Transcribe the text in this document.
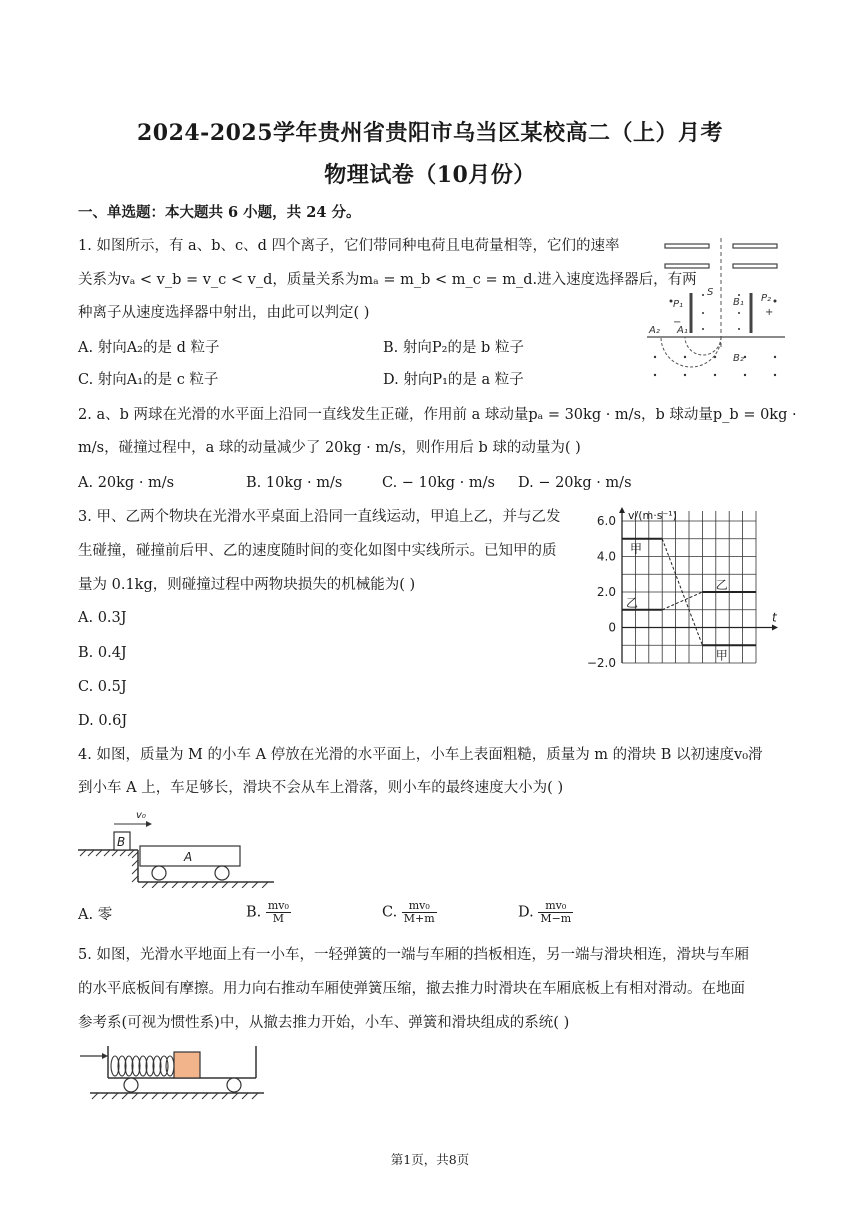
2024-2025学年贵州省贵阳市乌当区某校高二（上）月考
物理试卷（10月份）
一、单选题：本大题共 6 小题，共 24 分。
1. 如图所示，有 a、b、c、d 四个离子，它们带同种电荷且电荷量相等，它们的速率
关系为vₐ < v_b = v_c < v_d，质量关系为mₐ = m_b < m_c = m_d.进入速度选择器后，有两
种离子从速度选择器中射出，由此可以判定( )
A. 射向A₂的是 d 粒子	B. 射向P₂的是 b 粒子
C. 射向A₁的是 c 粒子	D. 射向P₁的是 a 粒子
S
−
+
P₁
P₂
B₁
A₂ A₁
B₂
2. a、b 两球在光滑的水平面上沿同一直线发生正碰，作用前 a 球动量pₐ = 30kg · m/s，b 球动量p_b = 0kg ·
m/s，碰撞过程中，a 球的动量减少了 20kg · m/s，则作用后 b 球的动量为( )
A. 20kg · m/s	B. 10kg · m/s	C. − 10kg · m/s D. − 20kg · m/s
3. 甲、乙两个物块在光滑水平桌面上沿同一直线运动，甲追上乙，并与乙发
生碰撞，碰撞前后甲、乙的速度随时间的变化如图中实线所示。已知甲的质
量为 0.1kg，则碰撞过程中两物块损失的机械能为( )
A. 0.3J
B. 0.4J
C. 0.5J
D. 0.6J
v/(m·s⁻¹)
t
6.0
4.0
2.0
0
−2.0
甲
甲
乙
乙
4. 如图，质量为 M 的小车 A 停放在光滑的水平面上，小车上表面粗糙，质量为 m 的滑块 B 以初速度v₀滑
到小车 A 上，车足够长，滑块不会从车上滑落，则小车的最终速度大小为( )
B
v₀
A
A. 零	B. $\frac{\text{mv₀}}{M}$	C. $\frac{\text{mv₀}}{M+m}$	D. $\frac{\text{mv₀}}{M-m}$
5. 如图，光滑水平地面上有一小车，一轻弹簧的一端与车厢的挡板相连，另一端与滑块相连，滑块与车厢
的水平底板间有摩擦。用力向右推动车厢使弹簧压缩，撤去推力时滑块在车厢底板上有相对滑动。在地面
参考系(可视为惯性系)中，从撤去推力开始，小车、弹簧和滑块组成的系统( )
第1页，共8页
